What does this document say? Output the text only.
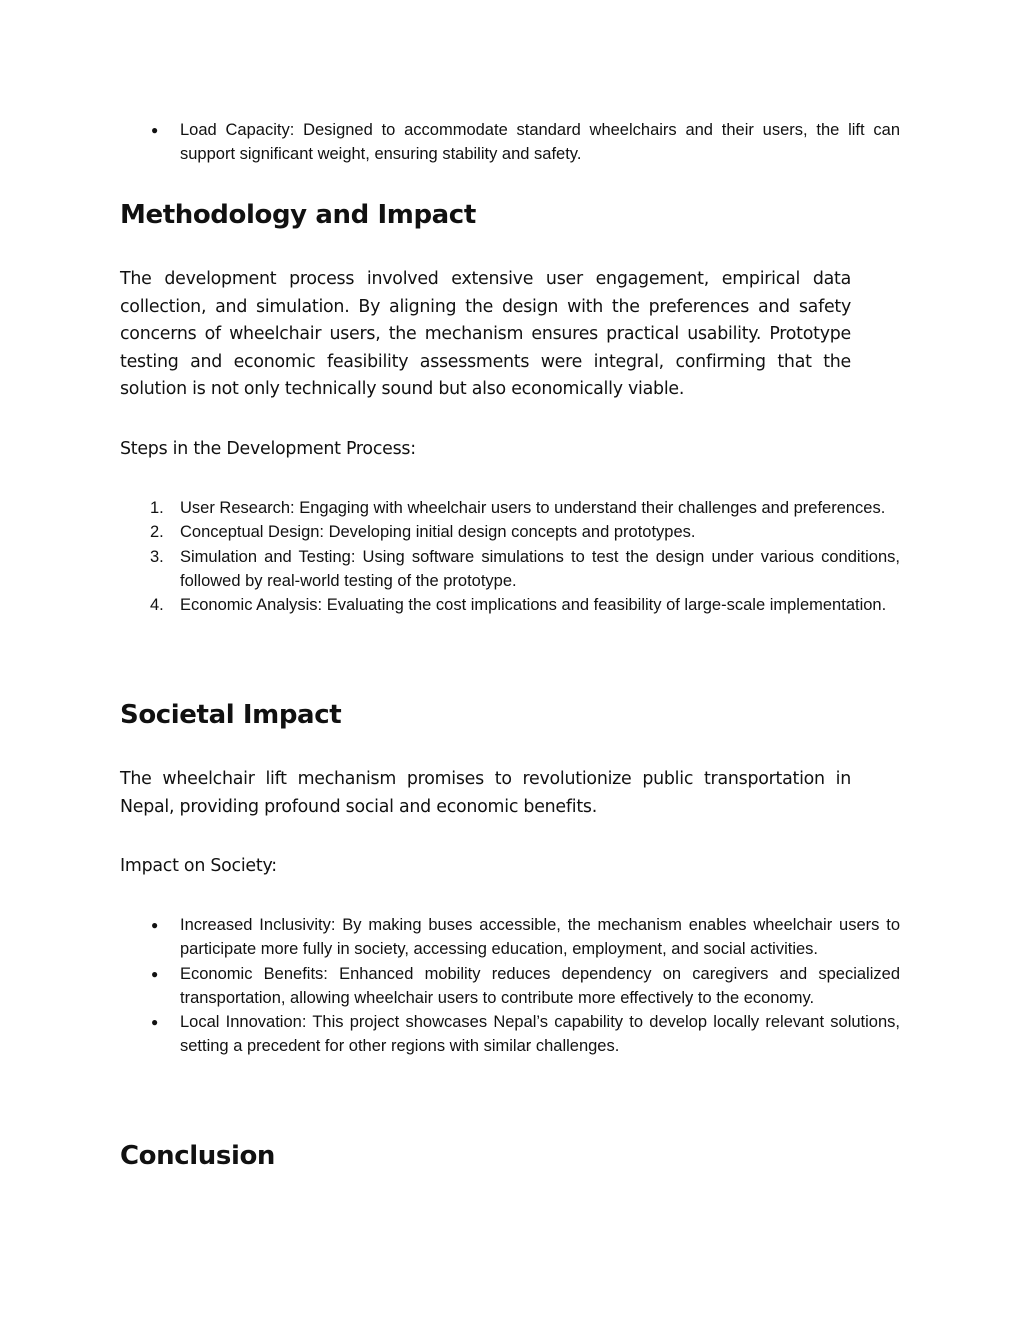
● Load Capacity: Designed to accommodate standard wheelchairs and their users, the lift can support significant weight, ensuring stability and safety.
Methodology and Impact

The development process involved extensive user engagement, empirical data collection, and simulation. By aligning the design with the preferences and safety concerns of wheelchair users, the mechanism ensures practical usability. Prototype testing and economic feasibility assessments were integral, confirming that the solution is not only technically sound but also economically viable.

Steps in the Development Process:

1. User Research: Engaging with wheelchair users to understand their challenges and preferences.
2. Conceptual Design: Developing initial design concepts and prototypes.
3. Simulation and Testing: Using software simulations to test the design under various conditions, followed by real-world testing of the prototype.
4. Economic Analysis: Evaluating the cost implications and feasibility of large-scale implementation.
Societal Impact

The wheelchair lift mechanism promises to revolutionize public transportation in Nepal, providing profound social and economic benefits.

Impact on Society:

● Increased Inclusivity: By making buses accessible, the mechanism enables wheelchair users to participate more fully in society, accessing education, employment, and social activities.
● Economic Benefits: Enhanced mobility reduces dependency on caregivers and specialized transportation, allowing wheelchair users to contribute more effectively to the economy.
● Local Innovation: This project showcases Nepal’s capability to develop locally relevant solutions, setting a precedent for other regions with similar challenges.
Conclusion
